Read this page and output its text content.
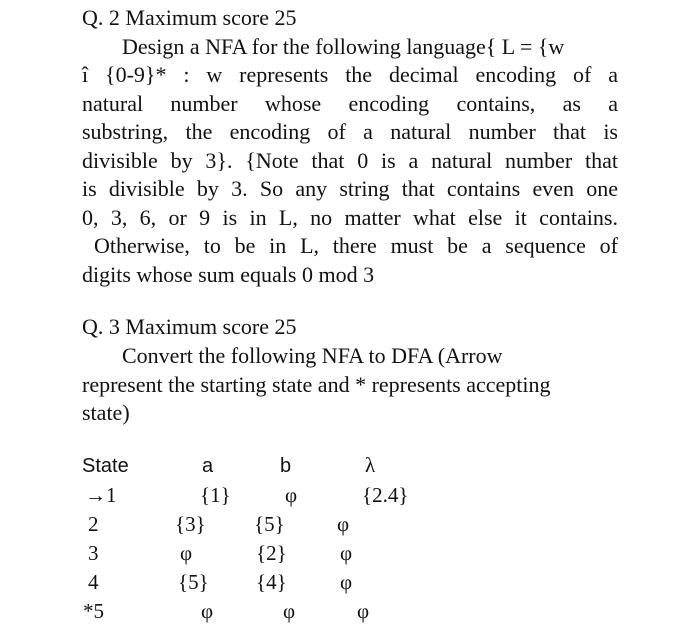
Q. 2 Maximum score 25
Design a NFA for the following language{ L = {w
î {0-9}* : w represents the decimal encoding of a
natural number whose encoding contains, as a
substring, the encoding of a natural number that is
divisible by 3}. {Note that 0 is a natural number that
is divisible by 3. So any string that contains even one
0, 3, 6, or 9 is in L, no matter what else it contains.
Otherwise, to be in L, there must be a sequence of
digits whose sum equals 0 mod 3
Q. 3 Maximum score 25
Convert the following NFA to DFA (Arrow
represent the starting state and * represents accepting
state)
State	a	b	λ
→1	{1}	φ	{2.4}
2	{3} {5} φ
3	φ	{2}	φ
4	{5} {4}	φ
*5	φ	φ	φ
